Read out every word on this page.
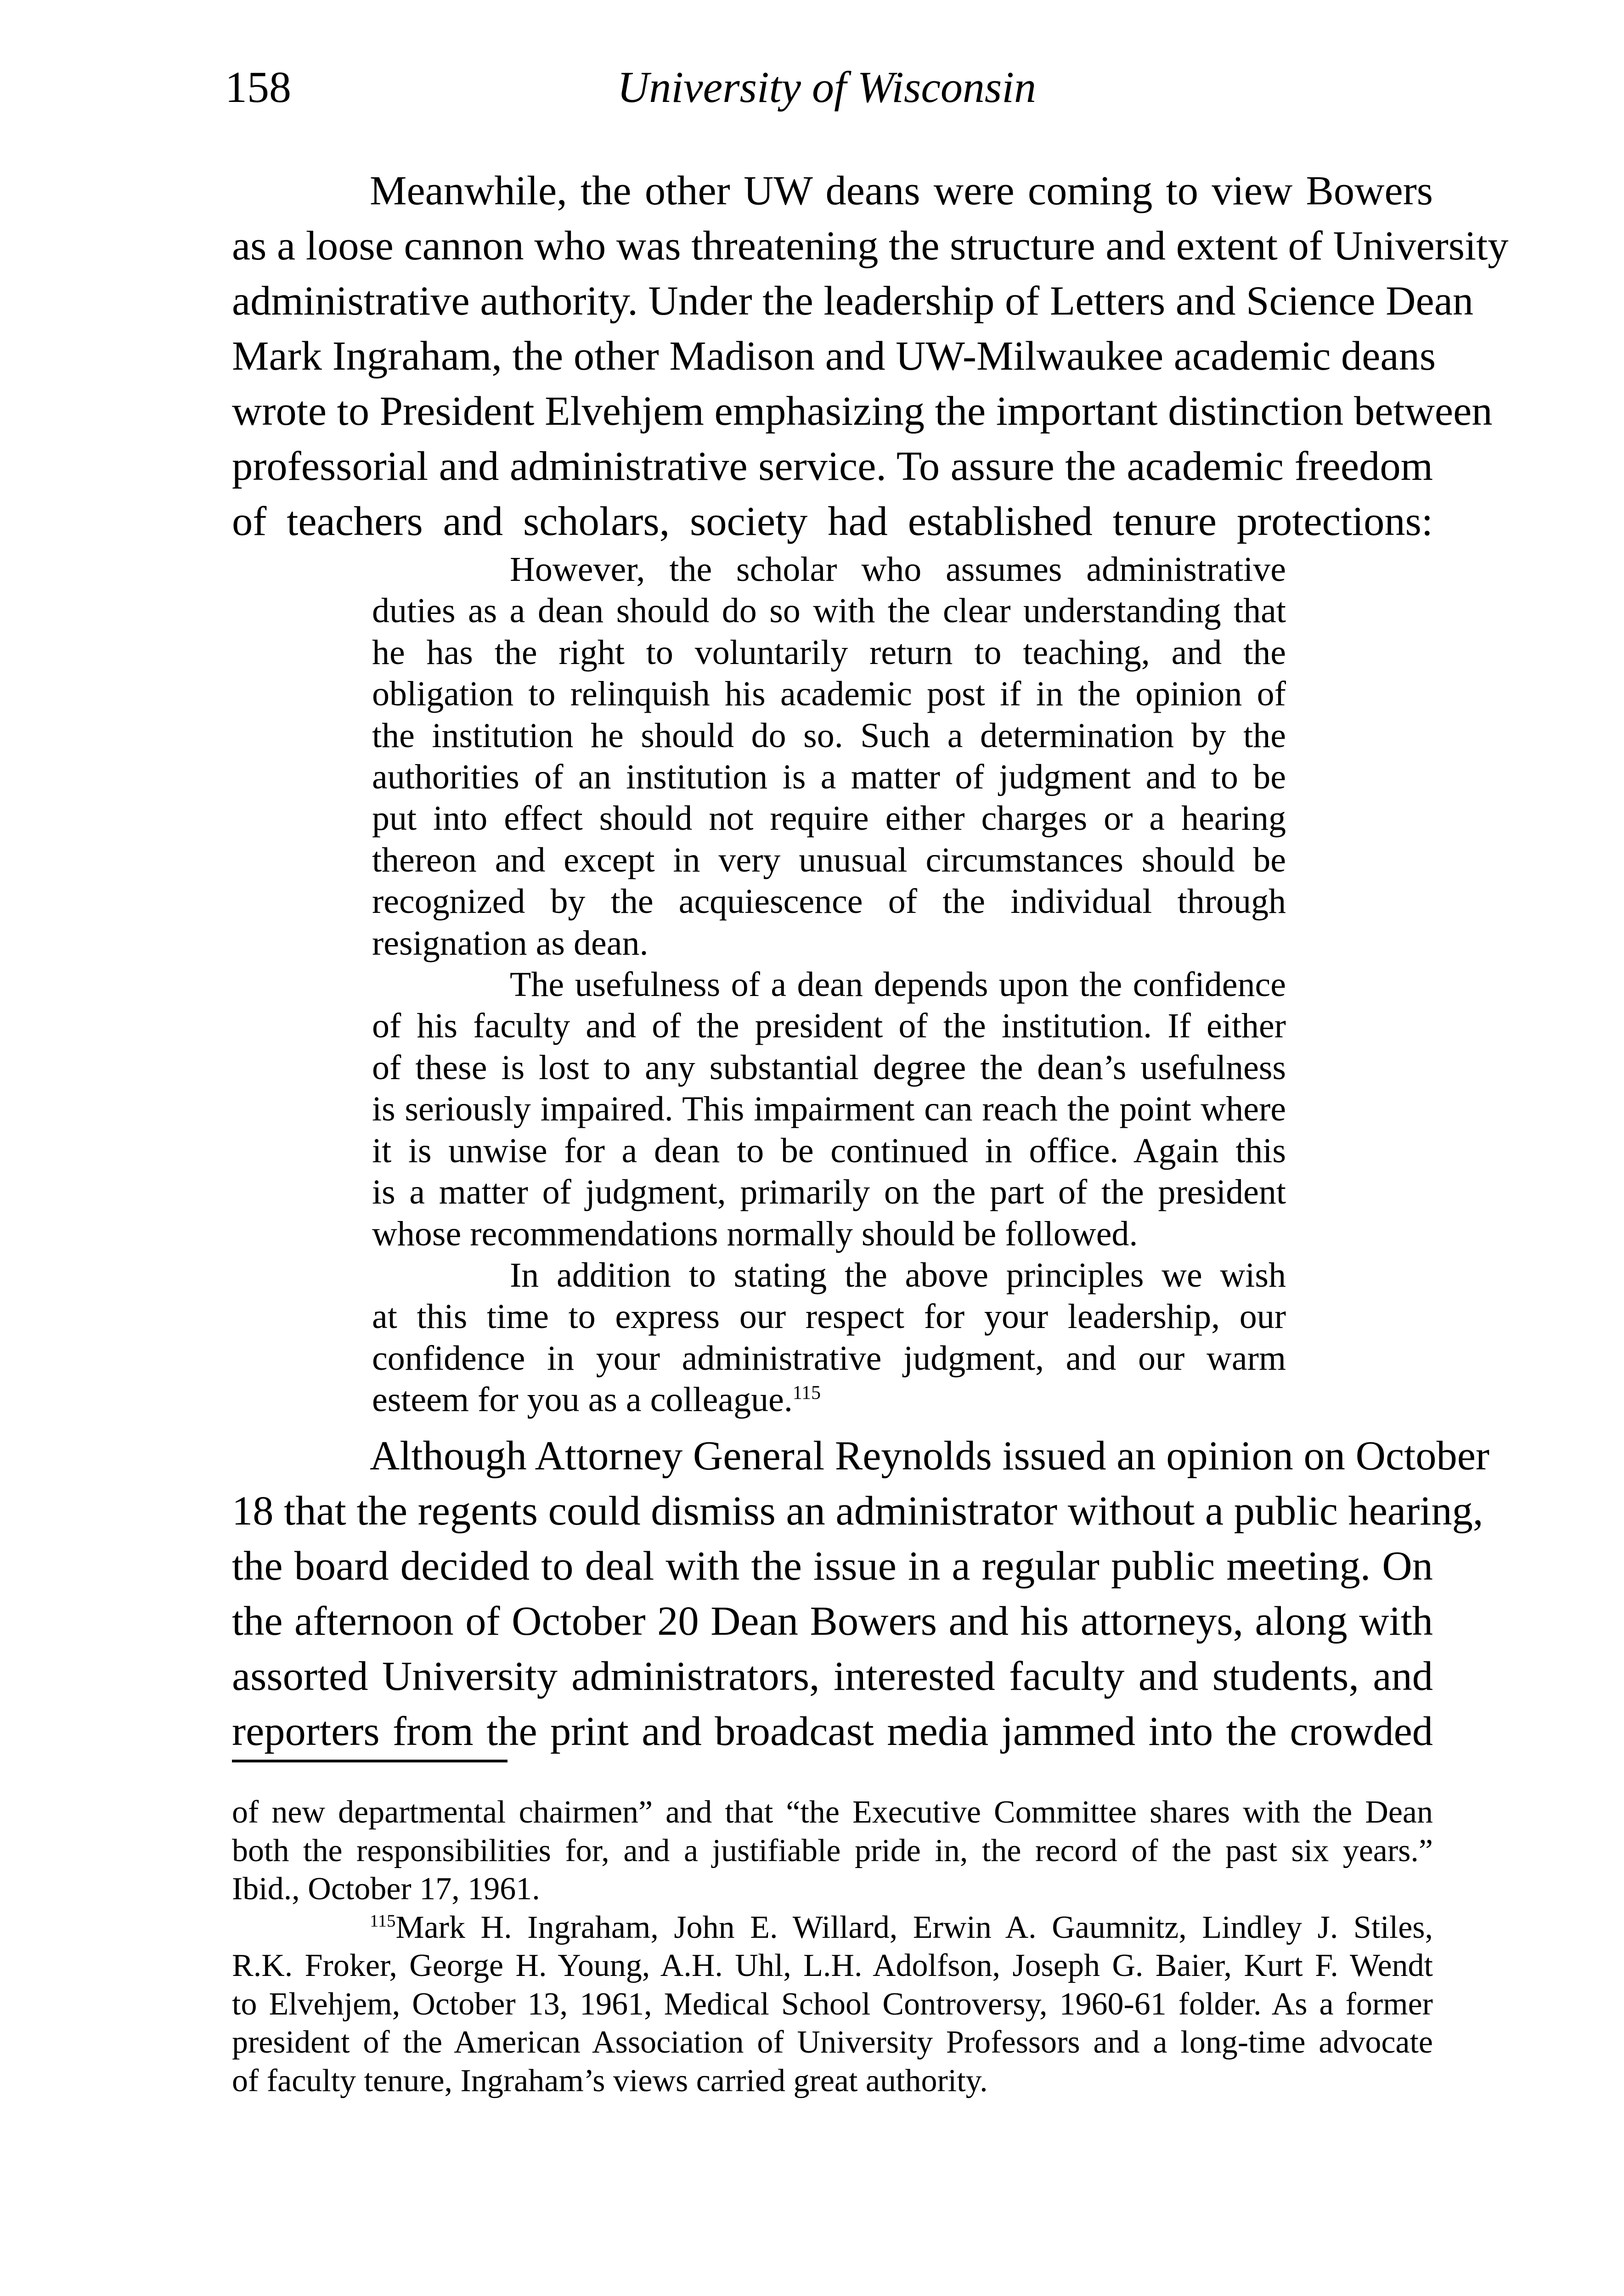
158	University of Wisconsin
Meanwhile, the other UW deans were coming to view Bowers
as a loose cannon who was threatening the structure and extent of University
administrative authority. Under the leadership of Letters and Science Dean
Mark Ingraham, the other Madison and UW-Milwaukee academic deans
wrote to President Elvehjem emphasizing the important distinction between
professorial and administrative service. To assure the academic freedom
of teachers and scholars, society had established tenure protections:
However, the scholar who assumes administrative
duties as a dean should do so with the clear understanding that
he has the right to voluntarily return to teaching, and the
obligation to relinquish his academic post if in the opinion of
the institution he should do so. Such a determination by the
authorities of an institution is a matter of judgment and to be
put into effect should not require either charges or a hearing
thereon and except in very unusual circumstances should be
recognized by the acquiescence of the individual through
resignation as dean.
The usefulness of a dean depends upon the confidence
of his faculty and of the president of the institution. If either
of these is lost to any substantial degree the dean’s usefulness
is seriously impaired. This impairment can reach the point where
it is unwise for a dean to be continued in office. Again this
is a matter of judgment, primarily on the part of the president
whose recommendations normally should be followed.
In addition to stating the above principles we wish
at this time to express our respect for your leadership, our
confidence in your administrative judgment, and our warm
esteem for you as a colleague.$^{115}$
Although Attorney General Reynolds issued an opinion on October
18 that the regents could dismiss an administrator without a public hearing,
the board decided to deal with the issue in a regular public meeting. On
the afternoon of October 20 Dean Bowers and his attorneys, along with
assorted University administrators, interested faculty and students, and
reporters from the print and broadcast media jammed into the crowded
of new departmental chairmen” and that “the Executive Committee shares with the Dean
both the responsibilities for, and a justifiable pride in, the record of the past six years.”
Ibid., October 17, 1961.
$^{115}$Mark H. Ingraham, John E. Willard, Erwin A. Gaumnitz, Lindley J. Stiles,
R.K. Froker, George H. Young, A.H. Uhl, L.H. Adolfson, Joseph G. Baier, Kurt F. Wendt
to Elvehjem, October 13, 1961, Medical School Controversy, 1960-61 folder. As a former
president of the American Association of University Professors and a long-time advocate
of faculty tenure, Ingraham’s views carried great authority.
